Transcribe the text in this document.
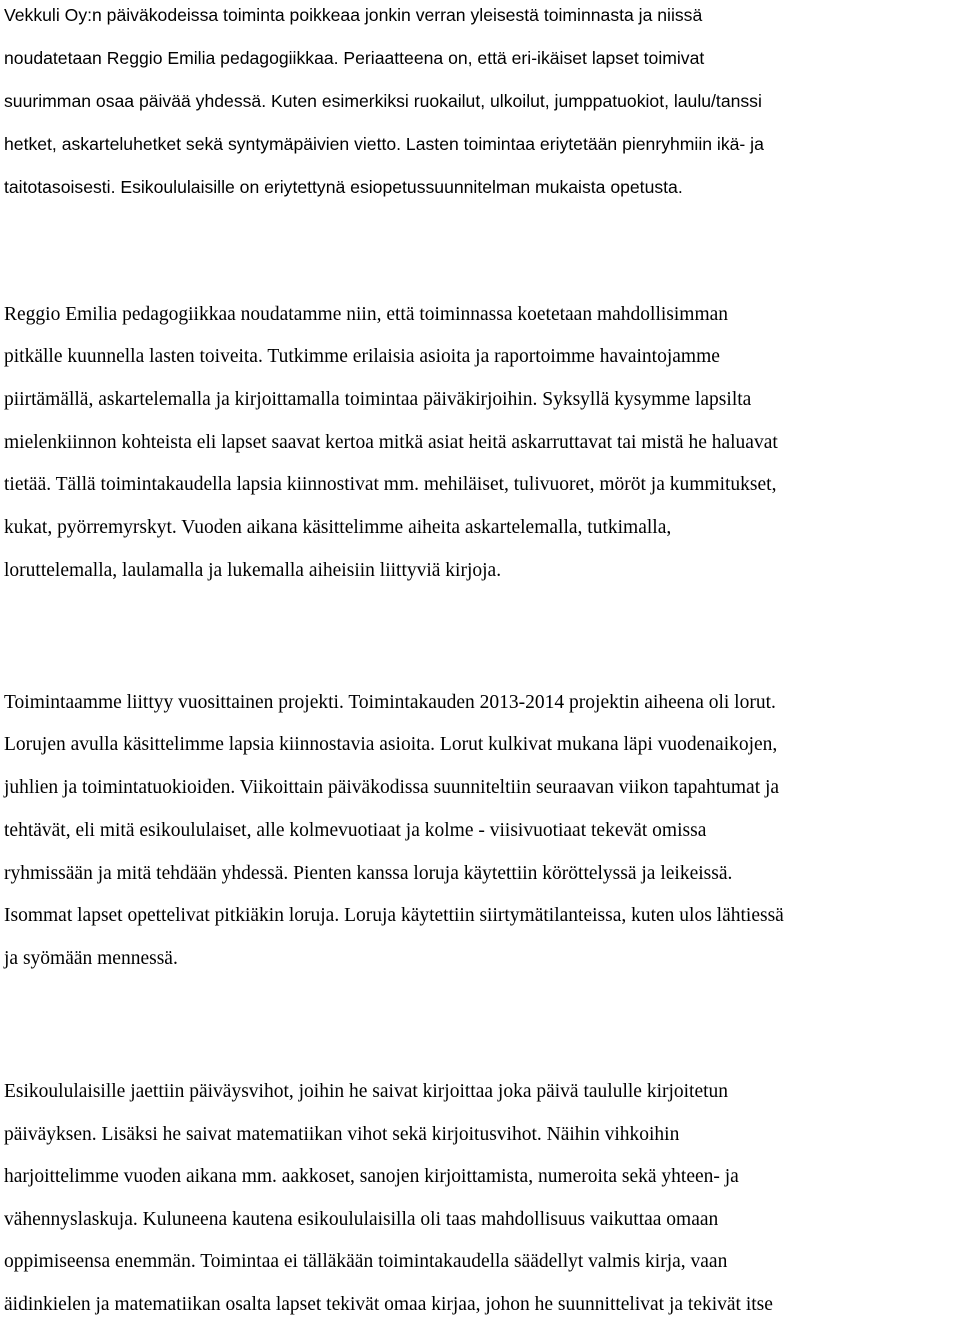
Vekkuli Oy:n päiväkodeissa toiminta poikkeaa jonkin verran yleisestä toiminnasta ja niissä
noudatetaan Reggio Emilia pedagogiikkaa. Periaatteena on, että eri-ikäiset lapset toimivat
suurimman osaa päivää yhdessä. Kuten esimerkiksi ruokailut, ulkoilut, jumppatuokiot, laulu/tanssi
hetket, askarteluhetket sekä syntymäpäivien vietto. Lasten toimintaa eriytetään pienryhmiin ikä- ja
taitotasoisesti. Esikoululaisille on eriytettynä esiopetussuunnitelman mukaista opetusta.
Reggio Emilia pedagogiikkaa noudatamme niin, että toiminnassa koetetaan mahdollisimman
pitkälle kuunnella lasten toiveita. Tutkimme erilaisia asioita ja raportoimme havaintojamme
piirtämällä, askartelemalla ja kirjoittamalla toimintaa päiväkirjoihin. Syksyllä kysymme lapsilta
mielenkiinnon kohteista eli lapset saavat kertoa mitkä asiat heitä askarruttavat tai mistä he haluavat
tietää. Tällä toimintakaudella lapsia kiinnostivat mm. mehiläiset, tulivuoret, möröt ja kummitukset,
kukat, pyörremyrskyt. Vuoden aikana käsittelimme aiheita askartelemalla, tutkimalla,
loruttelemalla, laulamalla ja lukemalla aiheisiin liittyviä kirjoja.
Toimintaamme liittyy vuosittainen projekti. Toimintakauden 2013-2014 projektin aiheena oli lorut.
Lorujen avulla käsittelimme lapsia kiinnostavia asioita. Lorut kulkivat mukana läpi vuodenaikojen,
juhlien ja toimintatuokioiden. Viikoittain päiväkodissa suunniteltiin seuraavan viikon tapahtumat ja
tehtävät, eli mitä esikoululaiset, alle kolmevuotiaat ja kolme - viisivuotiaat tekevät omissa
ryhmissään ja mitä tehdään yhdessä. Pienten kanssa loruja käytettiin köröttelyssä ja leikeissä.
Isommat lapset opettelivat pitkiäkin loruja. Loruja käytettiin siirtymätilanteissa, kuten ulos lähtiessä
ja syömään mennessä.
Esikoululaisille jaettiin päiväysvihot, joihin he saivat kirjoittaa joka päivä taululle kirjoitetun
päiväyksen. Lisäksi he saivat matematiikan vihot sekä kirjoitusvihot. Näihin vihkoihin
harjoittelimme vuoden aikana mm. aakkoset, sanojen kirjoittamista, numeroita sekä yhteen- ja
vähennyslaskuja. Kuluneena kautena esikoululaisilla oli taas mahdollisuus vaikuttaa omaan
oppimiseensa enemmän. Toimintaa ei tälläkään toimintakaudella säädellyt valmis kirja, vaan
äidinkielen ja matematiikan osalta lapset tekivät omaa kirjaa, johon he suunnittelivat ja tekivät itse
